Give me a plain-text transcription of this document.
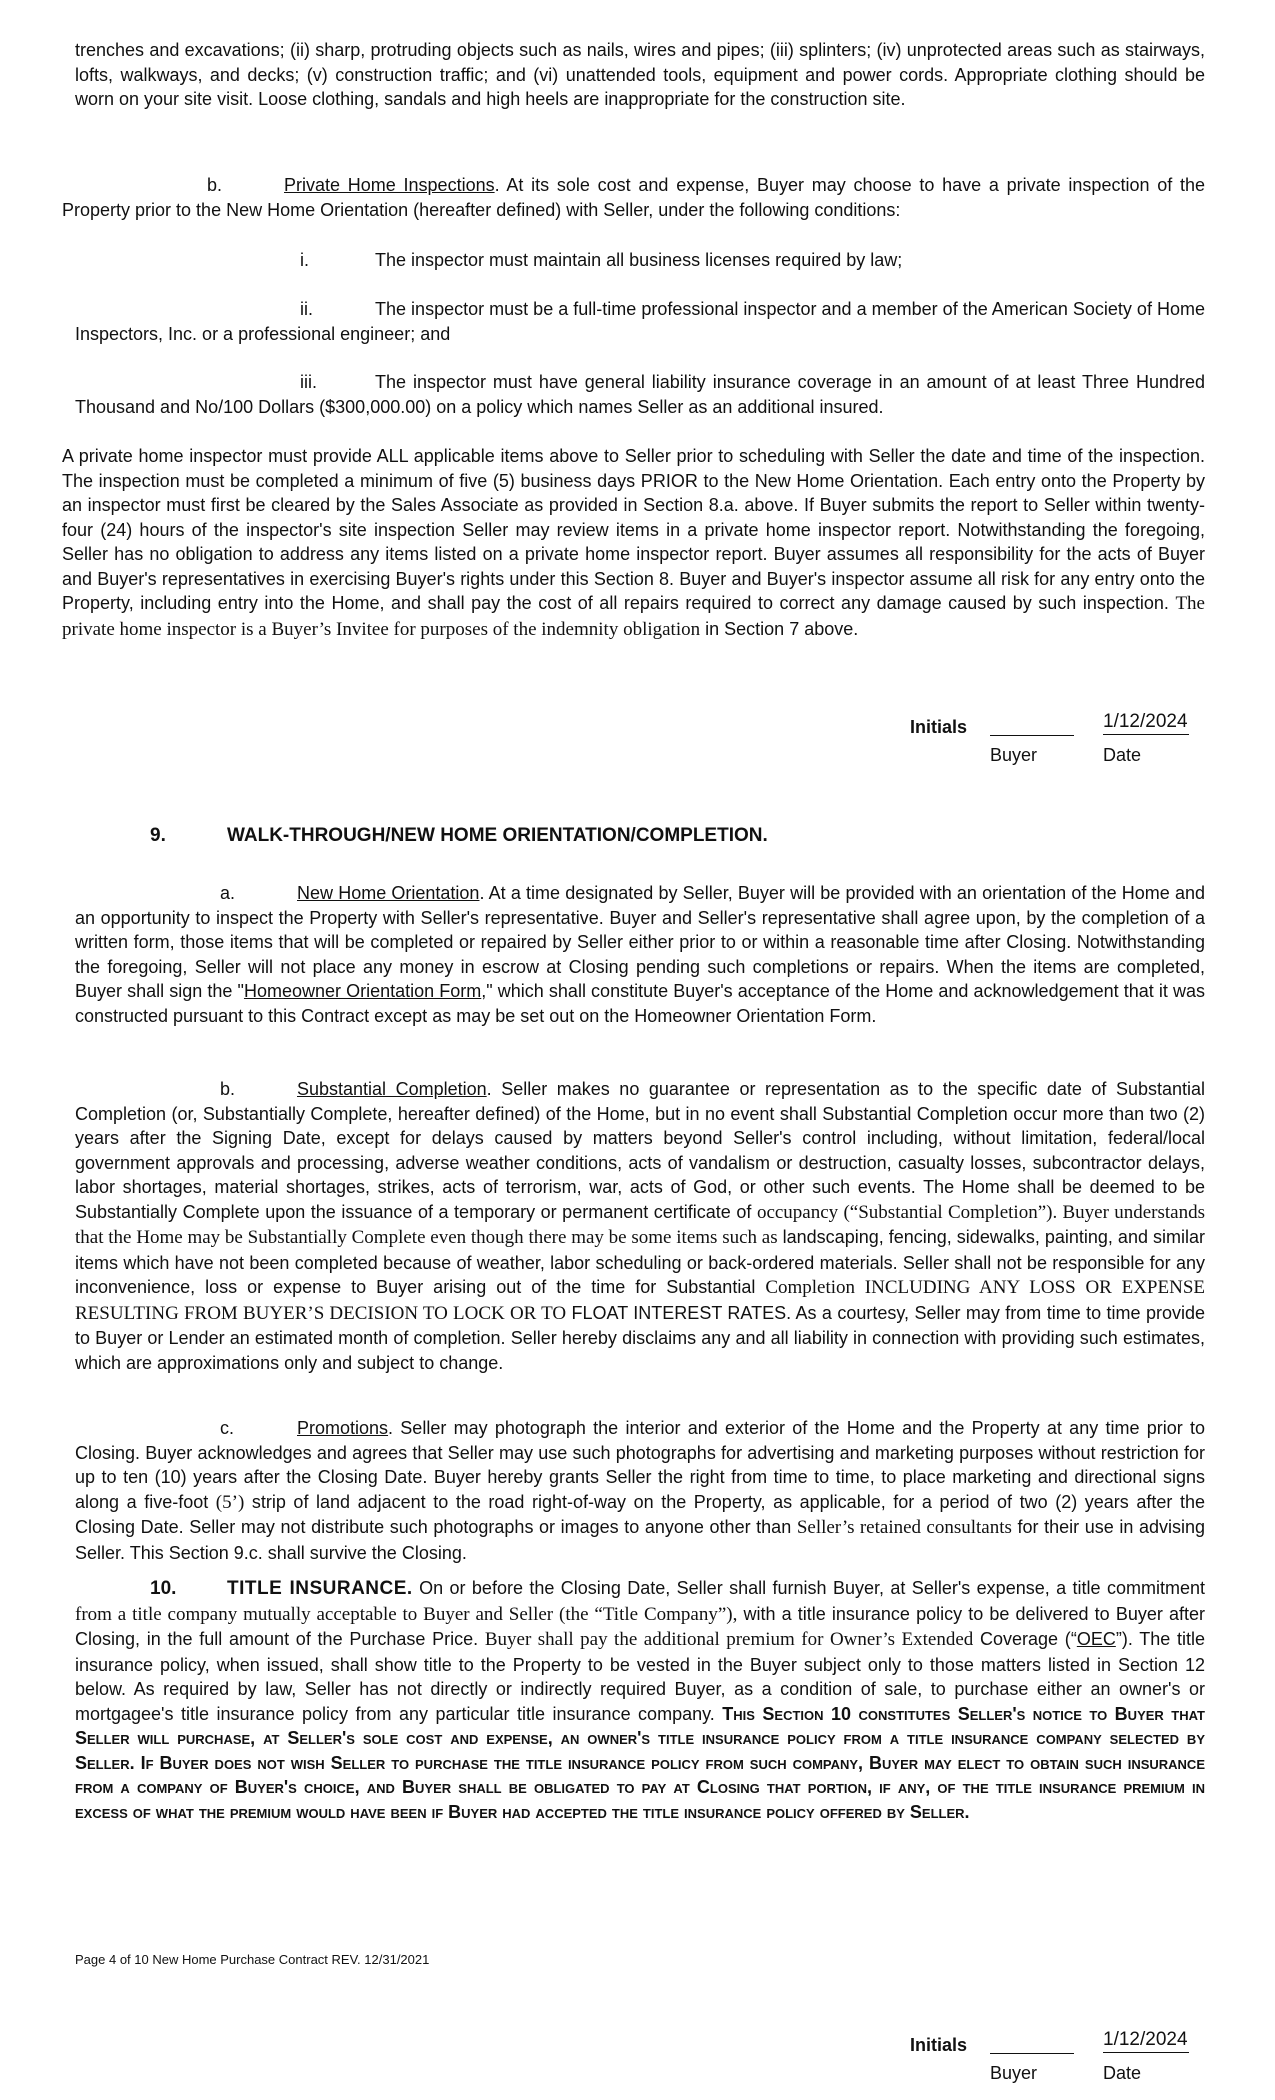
trenches and excavations; (ii) sharp, protruding objects such as nails, wires and pipes; (iii) splinters; (iv) unprotected areas such as stairways, lofts, walkways, and decks; (v) construction traffic; and (vi) unattended tools, equipment and power cords. Appropriate clothing should be worn on your site visit. Loose clothing, sandals and high heels are inappropriate for the construction site.

b.	Private Home Inspections. At its sole cost and expense, Buyer may choose to have a private inspection of the Property prior to the New Home Orientation (hereafter defined) with Seller, under the following conditions:

i.	The inspector must maintain all business licenses required by law;

ii.	The inspector must be a full-time professional inspector and a member of the American Society of Home Inspectors, Inc. or a professional engineer; and

iii.	The inspector must have general liability insurance coverage in an amount of at least Three Hundred Thousand and No/100 Dollars ($300,000.00) on a policy which names Seller as an additional insured.

A private home inspector must provide ALL applicable items above to Seller prior to scheduling with Seller the date and time of the inspection. The inspection must be completed a minimum of five (5) business days PRIOR to the New Home Orientation. Each entry onto the Property by an inspector must first be cleared by the Sales Associate as provided in Section 8.a. above. If Buyer submits the report to Seller within twenty-four (24) hours of the inspector's site inspection Seller may review items in a private home inspector report. Notwithstanding the foregoing, Seller has no obligation to address any items listed on a private home inspector report. Buyer assumes all responsibility for the acts of Buyer and Buyer's representatives in exercising Buyer's rights under this Section 8. Buyer and Buyer's inspector assume all risk for any entry onto the Property, including entry into the Home, and shall pay the cost of all repairs required to correct any damage caused by such inspection. The private home inspector is a Buyer’s Invitee for purposes of the indemnity obligation in Section 7 above.

Initials	1/12/2024
Buyer	Date

9.	WALK-THROUGH/NEW HOME ORIENTATION/COMPLETION.

a.	New Home Orientation. At a time designated by Seller, Buyer will be provided with an orientation of the Home and an opportunity to inspect the Property with Seller's representative. Buyer and Seller's representative shall agree upon, by the completion of a written form, those items that will be completed or repaired by Seller either prior to or within a reasonable time after Closing. Notwithstanding the foregoing, Seller will not place any money in escrow at Closing pending such completions or repairs. When the items are completed, Buyer shall sign the "Homeowner Orientation Form," which shall constitute Buyer's acceptance of the Home and acknowledgement that it was constructed pursuant to this Contract except as may be set out on the Homeowner Orientation Form.

b.	Substantial Completion. Seller makes no guarantee or representation as to the specific date of Substantial Completion (or, Substantially Complete, hereafter defined) of the Home, but in no event shall Substantial Completion occur more than two (2) years after the Signing Date, except for delays caused by matters beyond Seller's control including, without limitation, federal/local government approvals and processing, adverse weather conditions, acts of vandalism or destruction, casualty losses, subcontractor delays, labor shortages, material shortages, strikes, acts of terrorism, war, acts of God, or other such events. The Home shall be deemed to be Substantially Complete upon the issuance of a temporary or permanent certificate of occupancy (“Substantial Completion”). Buyer understands that the Home may be Substantially Complete even though there may be some items such as landscaping, fencing, sidewalks, painting, and similar items which have not been completed because of weather, labor scheduling or back-ordered materials. Seller shall not be responsible for any inconvenience, loss or expense to Buyer arising out of the time for Substantial Completion INCLUDING ANY LOSS OR EXPENSE RESULTING FROM BUYER’S DECISION TO LOCK OR TO FLOAT INTEREST RATES. As a courtesy, Seller may from time to time provide to Buyer or Lender an estimated month of completion. Seller hereby disclaims any and all liability in connection with providing such estimates, which are approximations only and subject to change.

c.	Promotions. Seller may photograph the interior and exterior of the Home and the Property at any time prior to Closing. Buyer acknowledges and agrees that Seller may use such photographs for advertising and marketing purposes without restriction for up to ten (10) years after the Closing Date. Buyer hereby grants Seller the right from time to time, to place marketing and directional signs along a five-foot (5’) strip of land adjacent to the road right-of-way on the Property, as applicable, for a period of two (2) years after the Closing Date. Seller may not distribute such photographs or images to anyone other than Seller’s retained consultants for their use in advising Seller. This Section 9.c. shall survive the Closing.

10.	TITLE INSURANCE. On or before the Closing Date, Seller shall furnish Buyer, at Seller's expense, a title commitment from a title company mutually acceptable to Buyer and Seller (the “Title Company”), with a title insurance policy to be delivered to Buyer after Closing, in the full amount of the Purchase Price. Buyer shall pay the additional premium for Owner’s Extended Coverage (“OEC”). The title insurance policy, when issued, shall show title to the Property to be vested in the Buyer subject only to those matters listed in Section 12 below. As required by law, Seller has not directly or indirectly required Buyer, as a condition of sale, to purchase either an owner's or mortgagee's title insurance policy from any particular title insurance company. This Section 10 constitutes Seller's notice to Buyer that Seller will purchase, at Seller's sole cost and expense, an owner's title insurance policy from a title insurance company selected by Seller. If Buyer does not wish Seller to purchase the title insurance policy from such company, Buyer may elect to obtain such insurance from a company of Buyer's choice, and Buyer shall be obligated to pay at Closing that portion, if any, of the title insurance premium in excess of what the premium would have been if Buyer had accepted the title insurance policy offered by Seller.

Page 4 of 10 New Home Purchase Contract REV. 12/31/2021

Initials	1/12/2024
Buyer	Date
